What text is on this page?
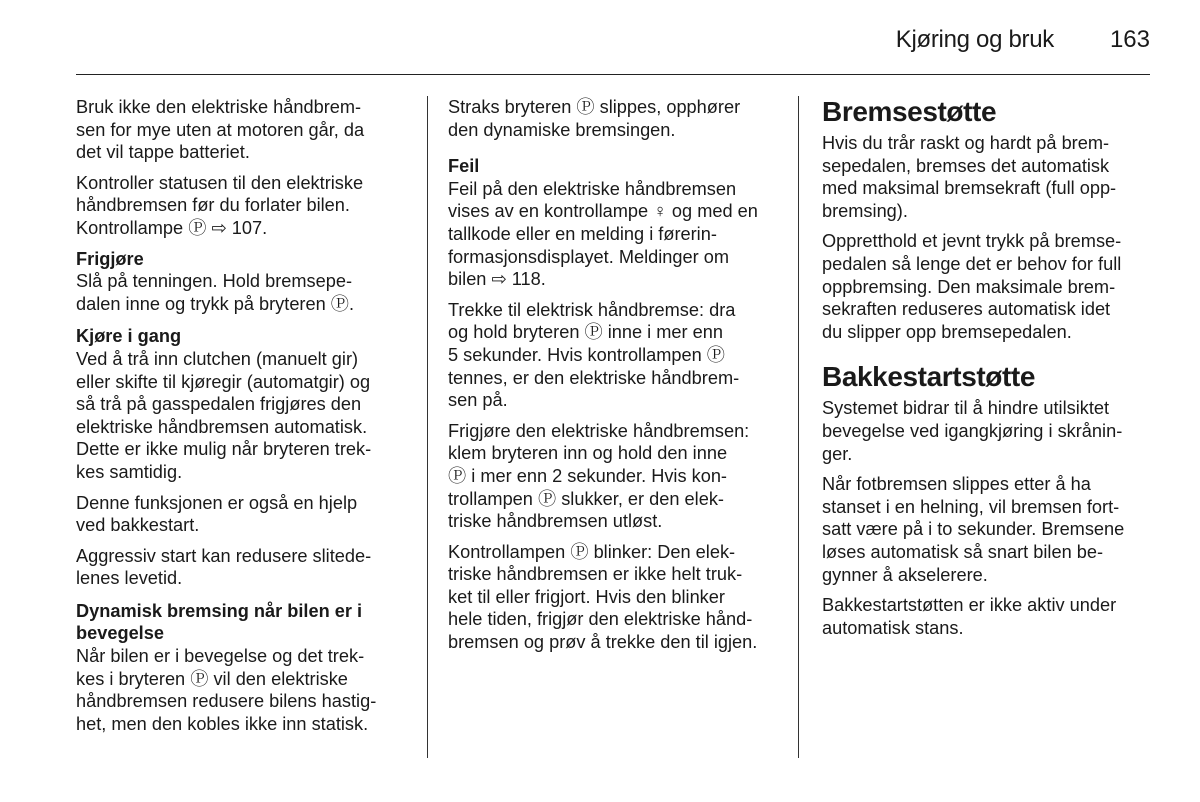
Kjøring og bruk 163

Bruk ikke den elektriske håndbrem-
sen for mye uten at motoren går, da
det vil tappe batteriet.

Kontroller statusen til den elektriske
håndbremsen før du forlater bilen.
Kontrollampe Ⓟ ⇨ 107.

Frigjøre

Slå på tenningen. Hold bremsepe-
dalen inne og trykk på bryteren Ⓟ.

Kjøre i gang

Ved å trå inn clutchen (manuelt gir)
eller skifte til kjøregir (automatgir) og
så trå på gasspedalen frigjøres den
elektriske håndbremsen automatisk.
Dette er ikke mulig når bryteren trek-
kes samtidig.

Denne funksjonen er også en hjelp
ved bakkestart.

Aggressiv start kan redusere slitede-
lenes levetid.

Dynamisk bremsing når bilen er i
bevegelse

Når bilen er i bevegelse og det trek-
kes i bryteren Ⓟ vil den elektriske
håndbremsen redusere bilens hastig-
het, men den kobles ikke inn statisk.

Straks bryteren Ⓟ slippes, opphører
den dynamiske bremsingen.

Feil

Feil på den elektriske håndbremsen
vises av en kontrollampe ♀ og med en
tallkode eller en melding i førerin-
formasjonsdisplayet. Meldinger om
bilen ⇨ 118.

Trekke til elektrisk håndbremse: dra
og hold bryteren Ⓟ inne i mer enn
5 sekunder. Hvis kontrollampen Ⓟ
tennes, er den elektriske håndbrem-
sen på.

Frigjøre den elektriske håndbremsen:
klem bryteren inn og hold den inne
Ⓟ i mer enn 2 sekunder. Hvis kon-
trollampen Ⓟ slukker, er den elek-
triske håndbremsen utløst.

Kontrollampen Ⓟ blinker: Den elek-
triske håndbremsen er ikke helt truk-
ket til eller frigjort. Hvis den blinker
hele tiden, frigjør den elektriske hånd-
bremsen og prøv å trekke den til igjen.

Bremsestøtte

Hvis du trår raskt og hardt på brem-
sepedalen, bremses det automatisk
med maksimal bremsekraft (full opp-
bremsing).

Oppretthold et jevnt trykk på bremse-
pedalen så lenge det er behov for full
oppbremsing. Den maksimale brem-
sekraften reduseres automatisk idet
du slipper opp bremsepedalen.

Bakkestartstøtte

Systemet bidrar til å hindre utilsiktet
bevegelse ved igangkjøring i skrånin-
ger.

Når fotbremsen slippes etter å ha
stanset i en helning, vil bremsen fort-
satt være på i to sekunder. Bremsene
løses automatisk så snart bilen be-
gynner å akselerere.

Bakkestartstøtten er ikke aktiv under
automatisk stans.
